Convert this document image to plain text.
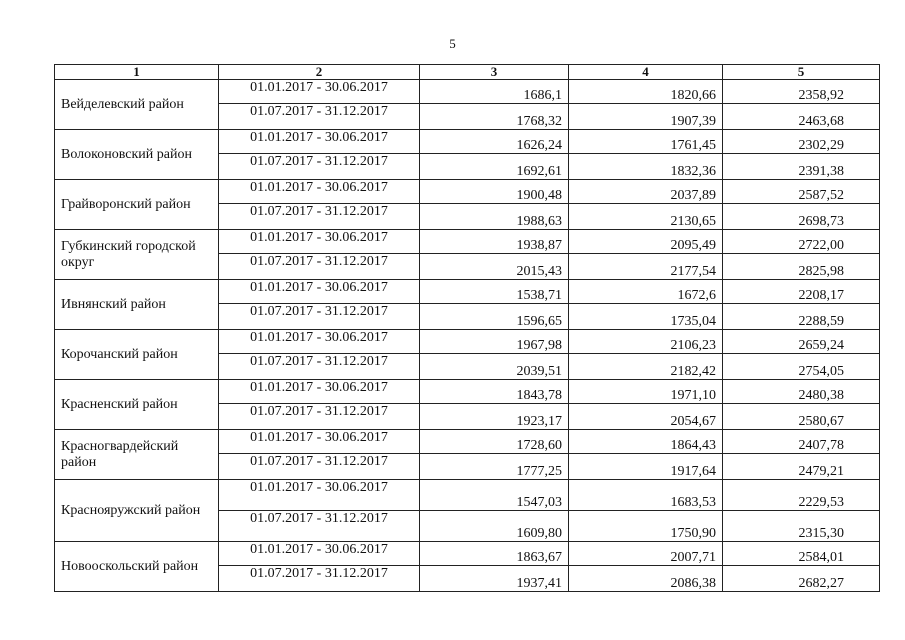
5
1	2	3	4	5
Вейделевский район	01.01.2017 - 30.06.2017	1686,1	1820,66	2358,92
	01.07.2017 - 31.12.2017	1768,32	1907,39	2463,68
Волоконовский район	01.01.2017 - 30.06.2017	1626,24	1761,45	2302,29
	01.07.2017 - 31.12.2017	1692,61	1832,36	2391,38
Грайворонский район	01.01.2017 - 30.06.2017	1900,48	2037,89	2587,52
	01.07.2017 - 31.12.2017	1988,63	2130,65	2698,73
Губкинский городской округ	01.01.2017 - 30.06.2017	1938,87	2095,49	2722,00
	01.07.2017 - 31.12.2017	2015,43	2177,54	2825,98
Ивнянский район	01.01.2017 - 30.06.2017	1538,71	1672,6	2208,17
	01.07.2017 - 31.12.2017	1596,65	1735,04	2288,59
Корочанский район	01.01.2017 - 30.06.2017	1967,98	2106,23	2659,24
	01.07.2017 - 31.12.2017	2039,51	2182,42	2754,05
Красненский район	01.01.2017 - 30.06.2017	1843,78	1971,10	2480,38
	01.07.2017 - 31.12.2017	1923,17	2054,67	2580,67
Красногвардейский район	01.01.2017 - 30.06.2017	1728,60	1864,43	2407,78
	01.07.2017 - 31.12.2017	1777,25	1917,64	2479,21
Краснояружский район	01.01.2017 - 30.06.2017	1547,03	1683,53	2229,53
	01.07.2017 - 31.12.2017	1609,80	1750,90	2315,30
Новооскольский район	01.01.2017 - 30.06.2017	1863,67	2007,71	2584,01
	01.07.2017 - 31.12.2017	1937,41	2086,38	2682,27
